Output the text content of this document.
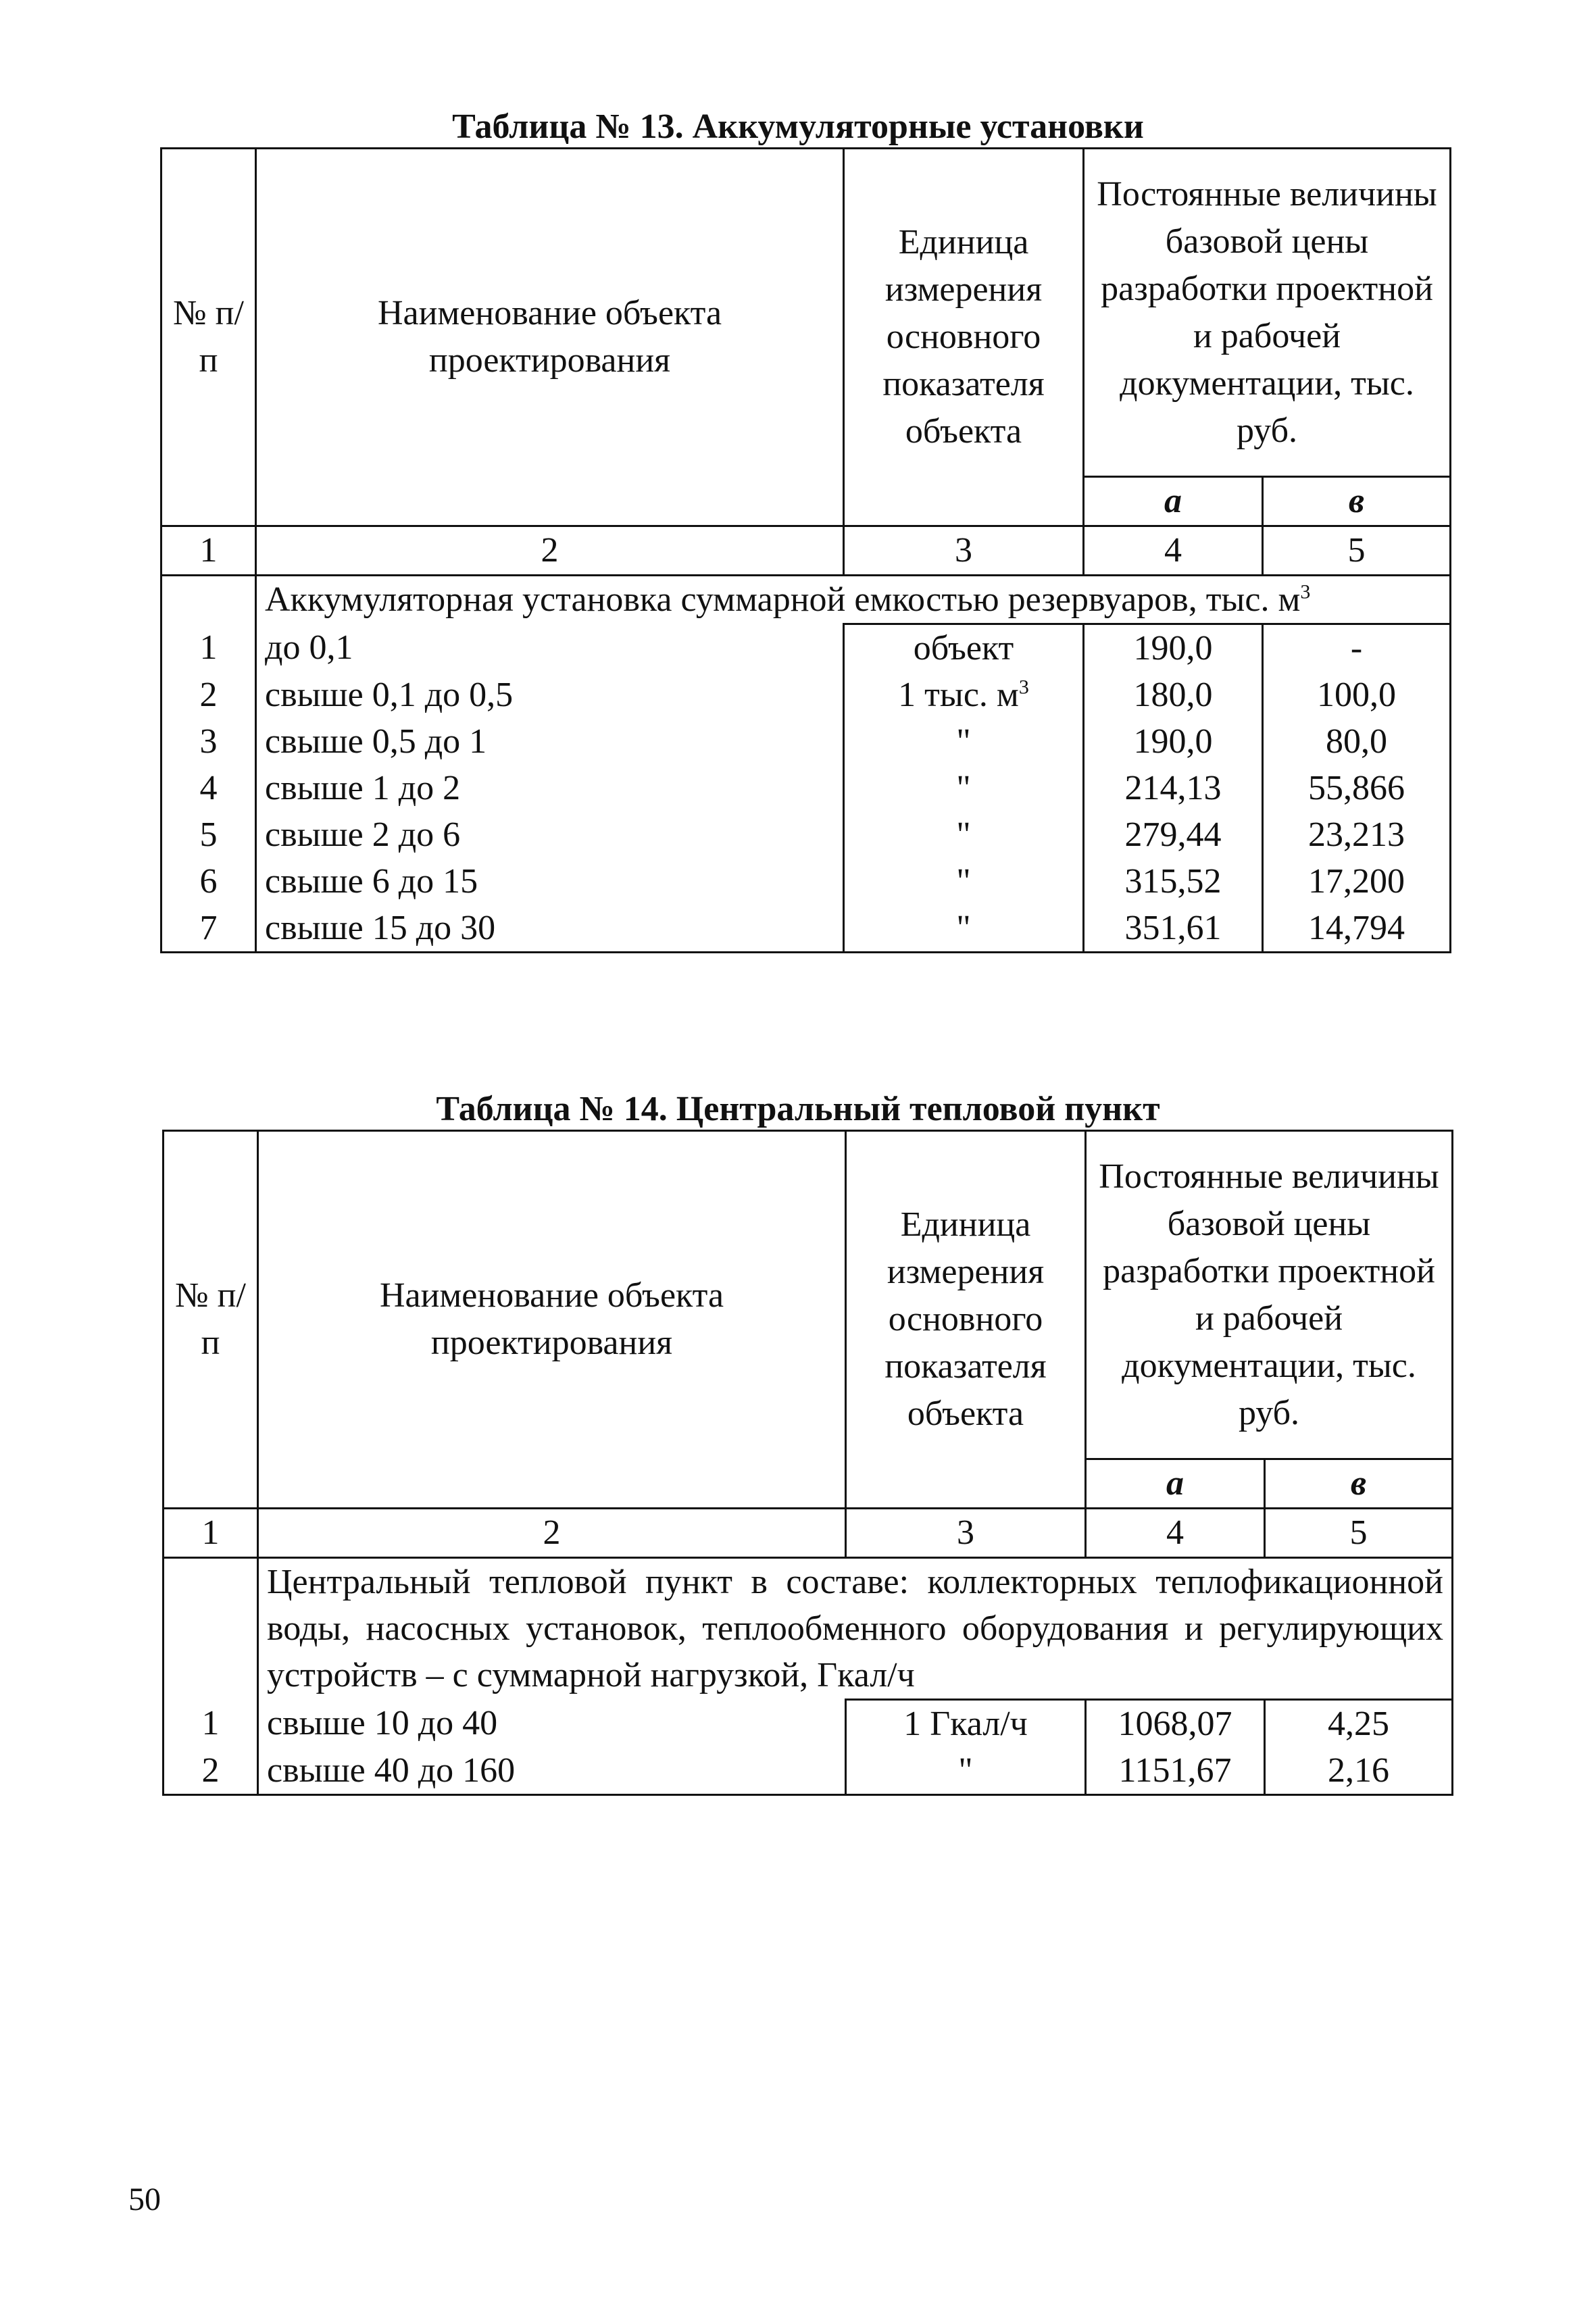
Таблица № 13. Аккумуляторные установки
№ п/п	Наименование объекта проектирования	Единица измерения основного показателя объекта	Постоянные величины базовой цены разработки проектной и рабочей документации, тыс. руб.	
			а	в
1	2	3	4	5
	Аккумуляторная установка суммарной емкостью резервуаров, тыс. $м^3$
1	до 0,1	объект	190,0	-
2	свыше 0,1 до 0,5	1 тыс. $м^3$	180,0	100,0
3	свыше 0,5 до 1	"	190,0	80,0
4	свыше 1 до 2	"	214,13	55,866
5	свыше 2 до 6	"	279,44	23,213
6	свыше 6 до 15	"	315,52	17,200
7	свыше 15 до 30	"	351,61	14,794
Таблица № 14. Центральный тепловой пункт
№ п/п	Наименование объекта проектирования	Единица измерения основного показателя объекта	Постоянные величины базовой цены разработки проектной и рабочей документации, тыс. руб.	
			а	в
1	2	3	4	5
	Центральный тепловой пункт в составе: коллекторных теплофикационной воды, насосных установок, теплообменного оборудования и регулирующих устройств – с суммарной нагрузкой, Гкал/ч			
1	свыше 10 до 40	1 Гкал/ч	1068,07	4,25
2	свыше 40 до 160	"	1151,67	2,16
50
